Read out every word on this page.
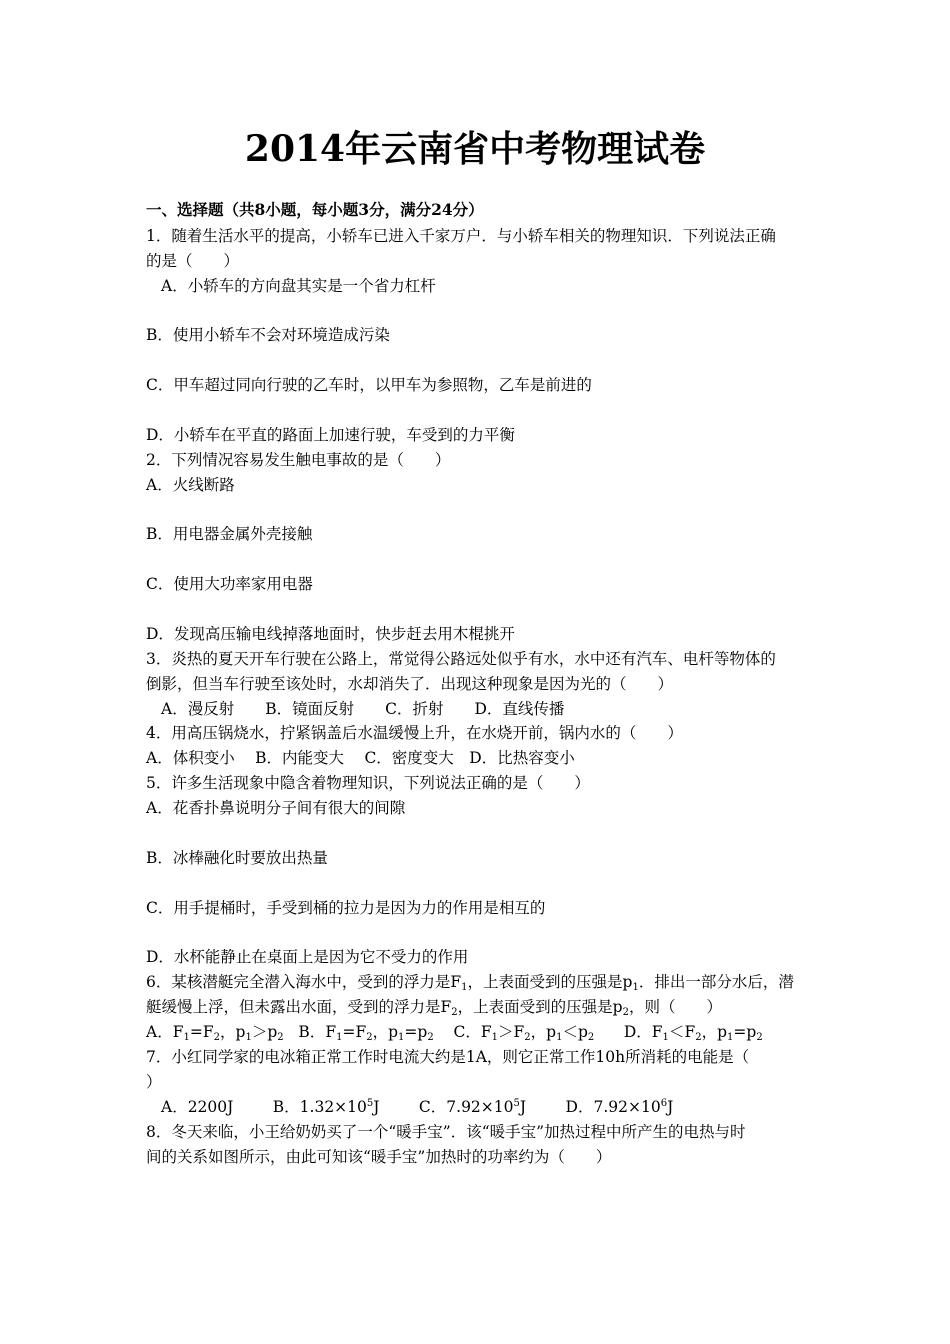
2014年云南省中考物理试卷
一、选择题（共8小题，每小题3分，满分24分）
1．随着生活水平的提高，小轿车已进入千家万户．与小轿车相关的物理知识．下列说法正确
的是（　　）
A．小轿车的方向盘其实是一个省力杠杆
B．使用小轿车不会对环境造成污染
C．甲车超过同向行驶的乙车时，以甲车为参照物，乙车是前进的
D．小轿车在平直的路面上加速行驶，车受到的力平衡
2．下列情况容易发生触电事故的是（　　）
A．火线断路
B．用电器金属外壳接触
C．使用大功率家用电器
D．发现高压输电线掉落地面时，快步赶去用木棍挑开
3．炎热的夏天开车行驶在公路上，常觉得公路远处似乎有水，水中还有汽车、电杆等物体的
倒影，但当车行驶至该处时，水却消失了．出现这种现象是因为光的（　　）
A．漫反射　　B．镜面反射　　C．折射　　D．直线传播
4．用高压锅烧水，拧紧锅盖后水温缓慢上升，在水烧开前，锅内水的（　　）
A．体积变小　 B．内能变大　 C．密度变大　D．比热容变小
5．许多生活现象中隐含着物理知识，下列说法正确的是（　　）
A．花香扑鼻说明分子间有很大的间隙
B．冰棒融化时要放出热量
C．用手提桶时，手受到桶的拉力是因为力的作用是相互的
D．水杯能静止在桌面上是因为它不受力的作用
6．某核潜艇完全潜入海水中，受到的浮力是$F_1$，上表面受到的压强是$p_1$．排出一部分水后，潜
艇缓慢上浮，但未露出水面，受到的浮力是$F_2$，上表面受到的压强是$p_2$，则（　　）
A．$F_1=F_2$，$p_1>p_2$ B．$F_1=F_2$，$p_1=p_2$ C．$F_1>F_2$，$p_1<p_2$ D．$F_1<F_2$，$p_1=p_2$
7．小红同学家的电冰箱正常工作时电流大约是1A，则它正常工作10h所消耗的电能是（
）
A．2200J	B．$1.32\times 10^5J$	C．$7.92\times 10^5J$	D．$7.92\times 10^6J$
8．冬天来临，小王给奶奶买了一个“暖手宝”．该“暖手宝”加热过程中所产生的电热与时
间的关系如图所示，由此可知该“暖手宝”加热时的功率约为（　　）
